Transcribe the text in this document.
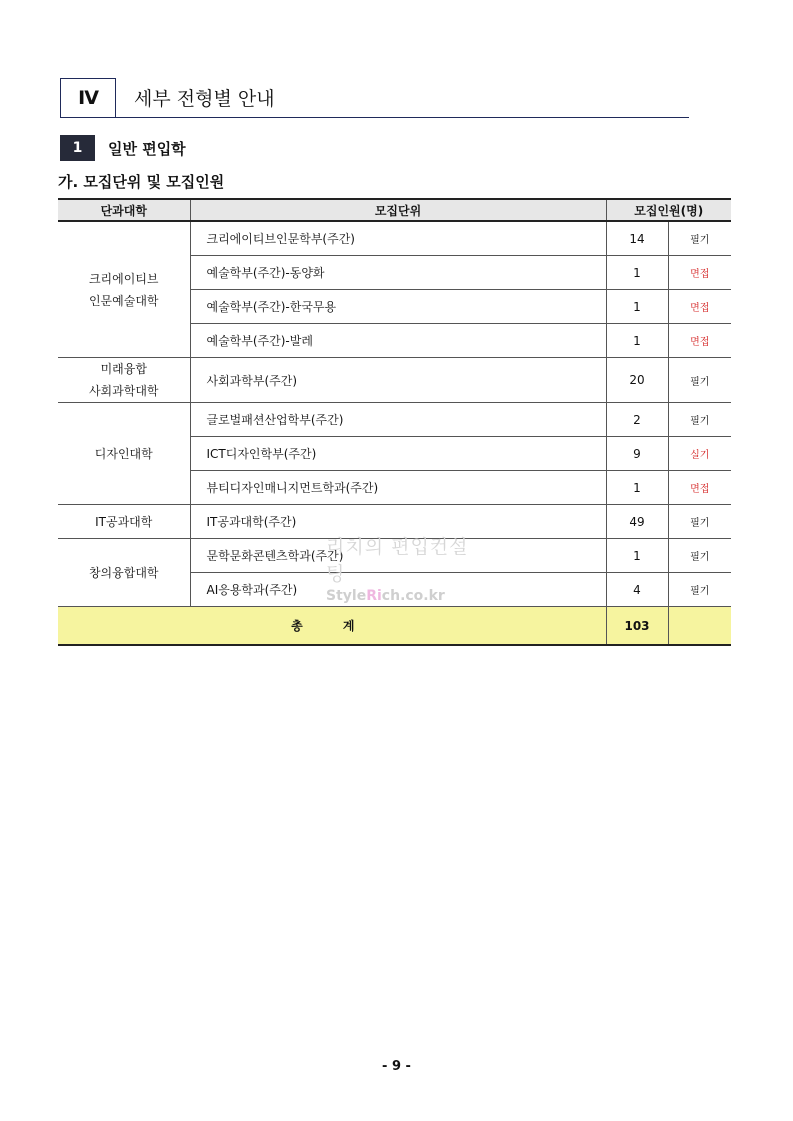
Ⅳ	세부 전형별 안내
1	일반 편입학
가. 모집단위 및 모집인원
단과대학	모집단위	모집인원(명)	
크리에이티브
인문예술대학	크리에이티브인문학부(주간)	14	필기
	예술학부(주간)-동양화	1	면접
	예술학부(주간)-한국무용	1	면접
	예술학부(주간)-발레	1	면접
미래융합
사회과학대학	사회과학부(주간)	20	필기
디자인대학	글로벌패션산업학부(주간)	2	필기
	ICT디자인학부(주간)	9	실기
	뷰티디자인매니지먼트학과(주간)	1	면접
IT공과대학	IT공과대학(주간)	49	필기
창의융합대학	문학문화콘텐츠학과(주간)	1	필기
	AI응용학과(주간)	4	필기
총 계		103	
리치의 편입컨설팅
StyleRich.co.kr
- 9 -
